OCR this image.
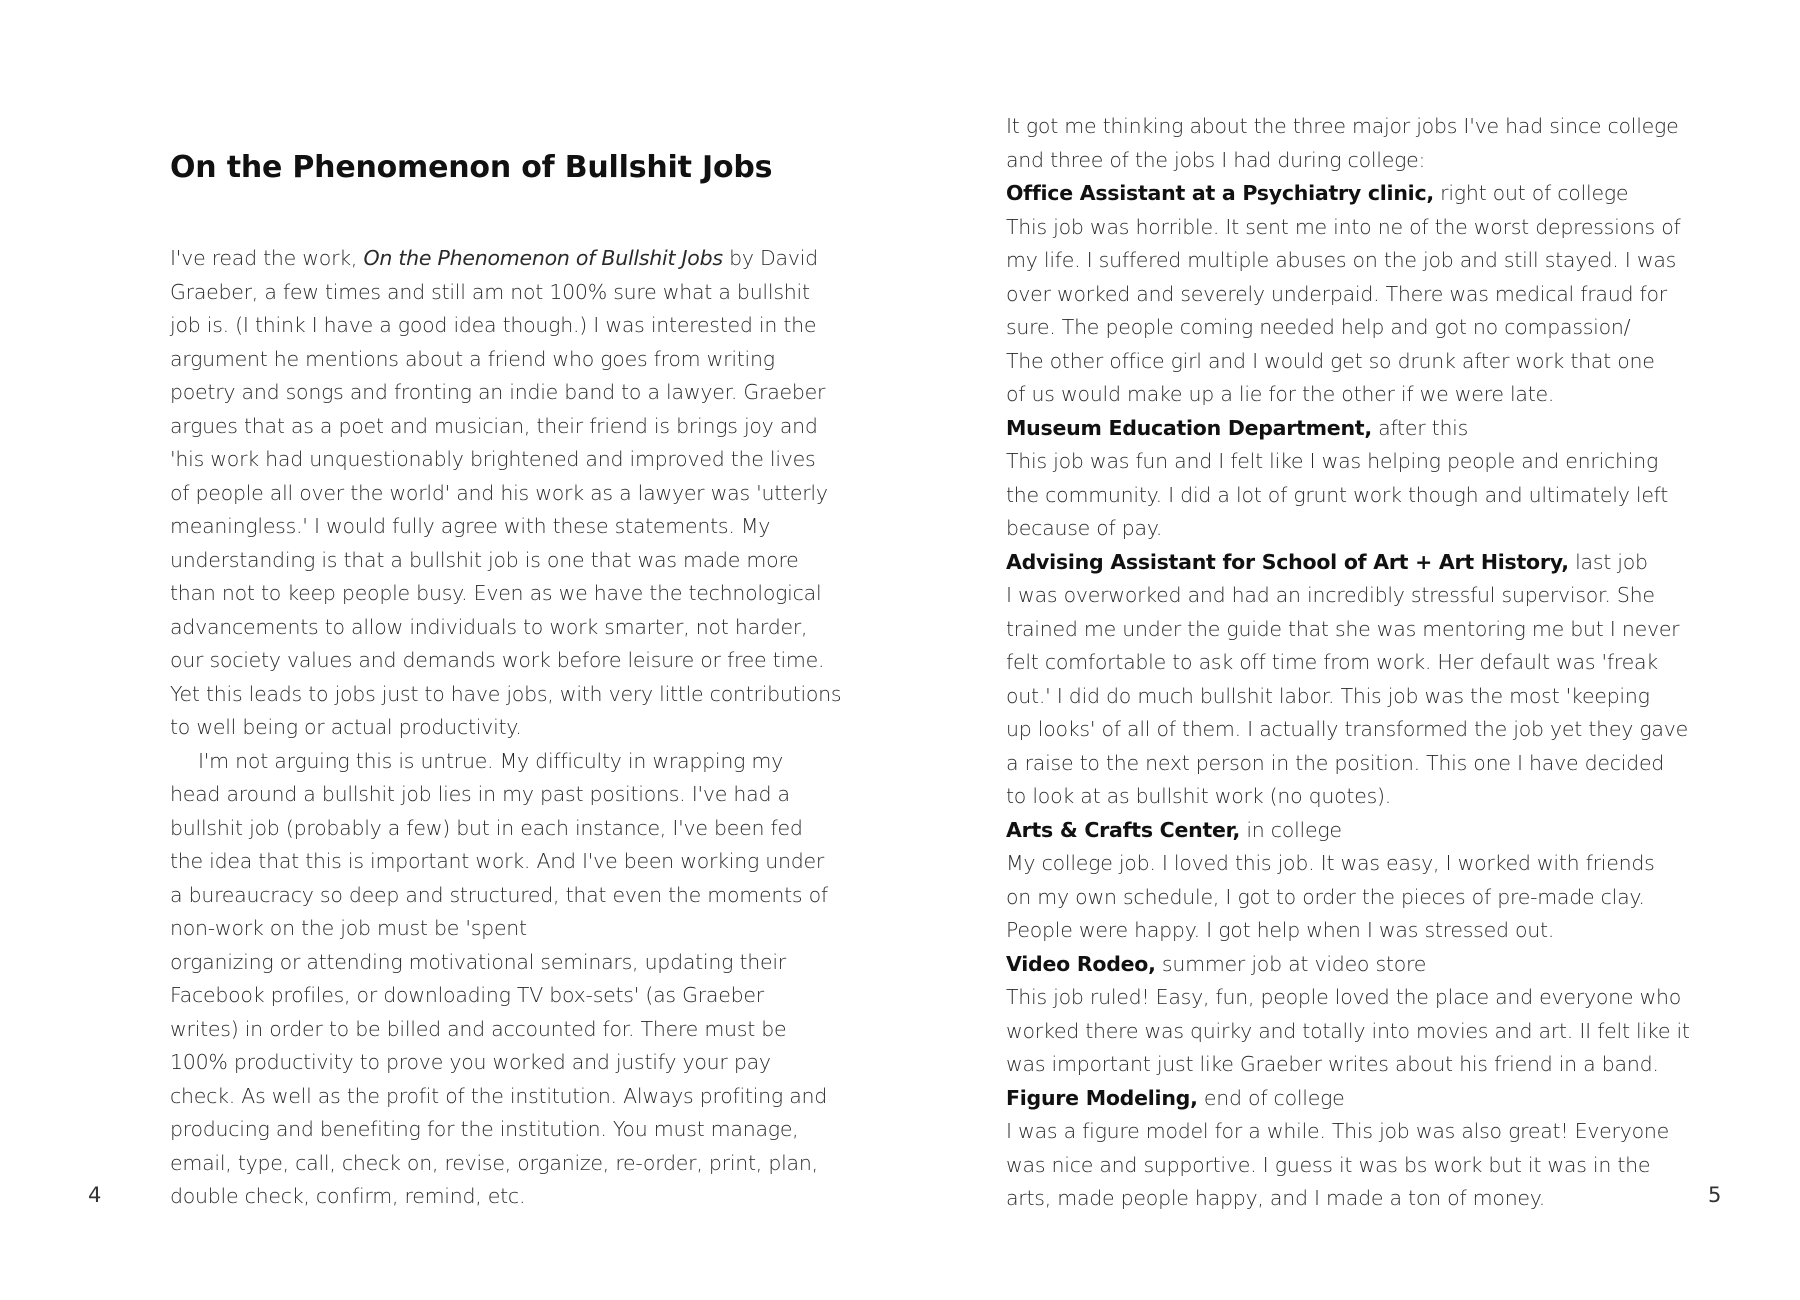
On the Phenomenon of Bullshit Jobs
I've read the work, On the Phenomenon of Bullshit Jobs by David
Graeber, a few times and still am not 100% sure what a bullshit
job is. (I think I have a good idea though.) I was interested in the
argument he mentions about a friend who goes from writing
poetry and songs and fronting an indie band to a lawyer. Graeber
argues that as a poet and musician, their friend is brings joy and
'his work had unquestionably brightened and improved the lives
of people all over the world' and his work as a lawyer was 'utterly
meaningless.' I would fully agree with these statements. My
understanding is that a bullshit job is one that was made more
than not to keep people busy. Even as we have the technological
advancements to allow individuals to work smarter, not harder,
our society values and demands work before leisure or free time.
Yet this leads to jobs just to have jobs, with very little contributions
to well being or actual productivity.
I'm not arguing this is untrue. My difficulty in wrapping my
head around a bullshit job lies in my past positions. I've had a
bullshit job (probably a few) but in each instance, I've been fed
the idea that this is important work. And I've been working under
a bureaucracy so deep and structured, that even the moments of
non-work on the job must be 'spent
organizing or attending motivational seminars, updating their
Facebook profiles, or downloading TV box-sets' (as Graeber
writes) in order to be billed and accounted for. There must be
100% productivity to prove you worked and justify your pay
check. As well as the profit of the institution. Always profiting and
producing and benefiting for the institution. You must manage,
email, type, call, check on, revise, organize, re-order, print, plan,
double check, confirm, remind, etc.
4
It got me thinking about the three major jobs I've had since college
and three of the jobs I had during college:
Office Assistant at a Psychiatry clinic, right out of college
This job was horrible. It sent me into ne of the worst depressions of
my life. I suffered multiple abuses on the job and still stayed. I was
over worked and severely underpaid. There was medical fraud for
sure. The people coming needed help and got no compassion/
The other office girl and I would get so drunk after work that one
of us would make up a lie for the other if we were late.
Museum Education Department, after this
This job was fun and I felt like I was helping people and enriching
the community. I did a lot of grunt work though and ultimately left
because of pay.
Advising Assistant for School of Art + Art History, last job
I was overworked and had an incredibly stressful supervisor. She
trained me under the guide that she was mentoring me but I never
felt comfortable to ask off time from work. Her default was 'freak
out.' I did do much bullshit labor. This job was the most 'keeping
up looks' of all of them. I actually transformed the job yet they gave
a raise to the next person in the position. This one I have decided
to look at as bullshit work (no quotes).
Arts & Crafts Center, in college
My college job. I loved this job. It was easy, I worked with friends
on my own schedule, I got to order the pieces of pre-made clay.
People were happy. I got help when I was stressed out.
Video Rodeo, summer job at video store
This job ruled! Easy, fun, people loved the place and everyone who
worked there was quirky and totally into movies and art. II felt like it
was important just like Graeber writes about his friend in a band.
Figure Modeling, end of college
I was a figure model for a while. This job was also great! Everyone
was nice and supportive. I guess it was bs work but it was in the
arts, made people happy, and I made a ton of money.	5
